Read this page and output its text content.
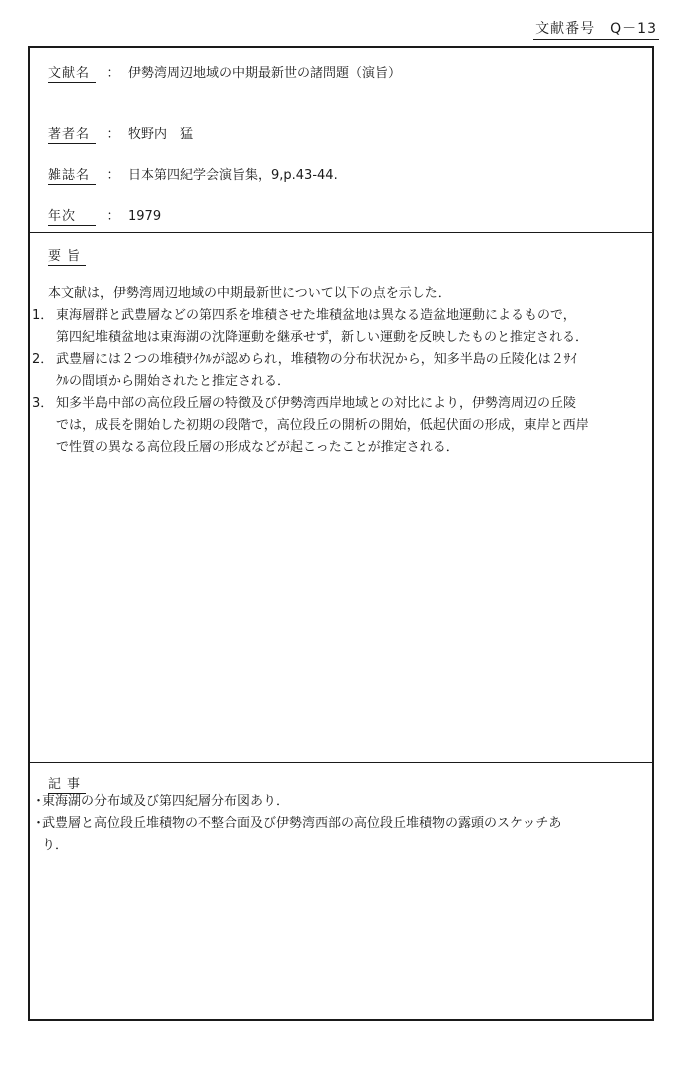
文献番号　Q－13
文献名 ： 伊勢湾周辺地域の中期最新世の諸問題（演旨）
著者名 ： 牧野内　猛
雑誌名 ： 日本第四紀学会演旨集，9,p.43-44.
年次 ： 1979
要旨
本文献は，伊勢湾周辺地域の中期最新世について以下の点を示した．
1． 東海層群と武豊層などの第四系を堆積させた堆積盆地は異なる造盆地運動によるもので，
第四紀堆積盆地は東海湖の沈降運動を継承せず，新しい運動を反映したものと推定される．
2． 武豊層には２つの堆積ｻｲｸﾙが認められ，堆積物の分布状況から，知多半島の丘陵化は２ｻｲ
ｸﾙの間頃から開始されたと推定される．
3． 知多半島中部の高位段丘層の特徴及び伊勢湾西岸地域との対比により，伊勢湾周辺の丘陵
では，成長を開始した初期の段階で，高位段丘の開析の開始，低起伏面の形成，東岸と西岸
で性質の異なる高位段丘層の形成などが起こったことが推定される．
記事
・
東海湖の分布域及び第四紀層分布図あり．
・
武豊層と高位段丘堆積物の不整合面及び伊勢湾西部の高位段丘堆積物の露頭のスケッチあ
り．
